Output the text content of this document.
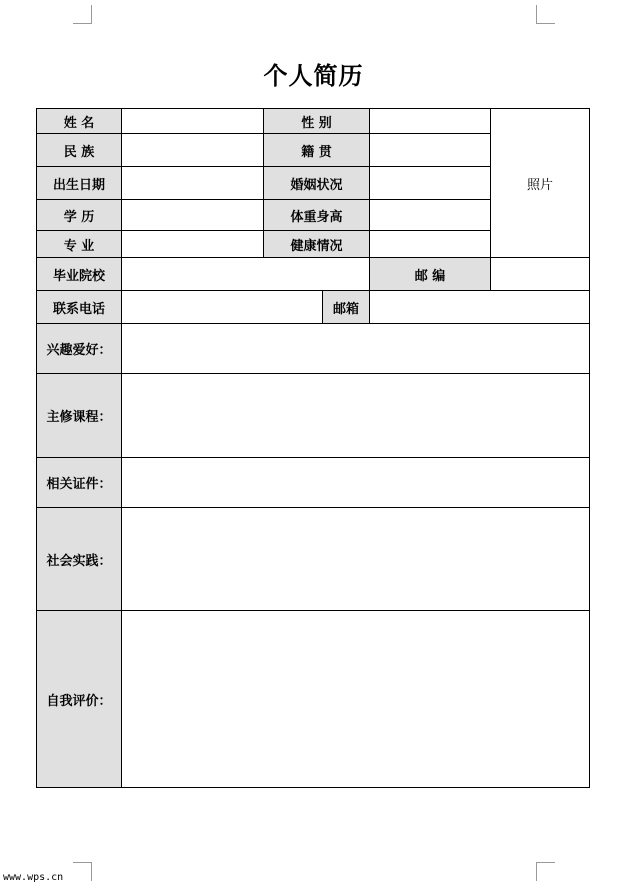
个人简历
姓 名	性 别
照片
民 族	籍 贯
出生日期	婚姻状况
学 历	体重身高
专 业	健康情况
毕业院校	邮 编
联系电话	邮箱
兴趣爱好：
主修课程：
相关证件：
社会实践：
自我评价：
www.wps.cn
